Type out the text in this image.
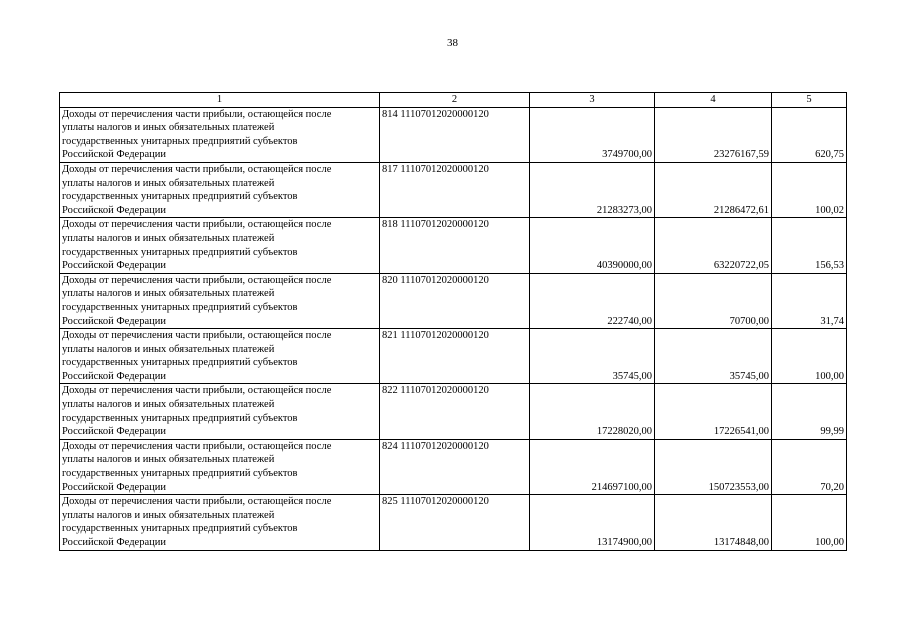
38
1	2	3	4	5

Доходы от перечисления части прибыли, остающейся после
уплаты налогов и иных обязательных платежей
государственных унитарных предприятий субъектов
Российской Федерации	814 11107012020000120	3749700,00	23276167,59	620,75

Доходы от перечисления части прибыли, остающейся после
уплаты налогов и иных обязательных платежей
государственных унитарных предприятий субъектов
Российской Федерации	817 11107012020000120	21283273,00	21286472,61	100,02

Доходы от перечисления части прибыли, остающейся после
уплаты налогов и иных обязательных платежей
государственных унитарных предприятий субъектов
Российской Федерации	818 11107012020000120	40390000,00	63220722,05	156,53

Доходы от перечисления части прибыли, остающейся после
уплаты налогов и иных обязательных платежей
государственных унитарных предприятий субъектов
Российской Федерации	820 11107012020000120	222740,00	70700,00	31,74

Доходы от перечисления части прибыли, остающейся после
уплаты налогов и иных обязательных платежей
государственных унитарных предприятий субъектов
Российской Федерации	821 11107012020000120	35745,00	35745,00	100,00

Доходы от перечисления части прибыли, остающейся после
уплаты налогов и иных обязательных платежей
государственных унитарных предприятий субъектов
Российской Федерации	822 11107012020000120	17228020,00	17226541,00	99,99

Доходы от перечисления части прибыли, остающейся после
уплаты налогов и иных обязательных платежей
государственных унитарных предприятий субъектов
Российской Федерации	824 11107012020000120	214697100,00	150723553,00	70,20

Доходы от перечисления части прибыли, остающейся после
уплаты налогов и иных обязательных платежей
государственных унитарных предприятий субъектов
Российской Федерации	825 11107012020000120	13174900,00	13174848,00	100,00
